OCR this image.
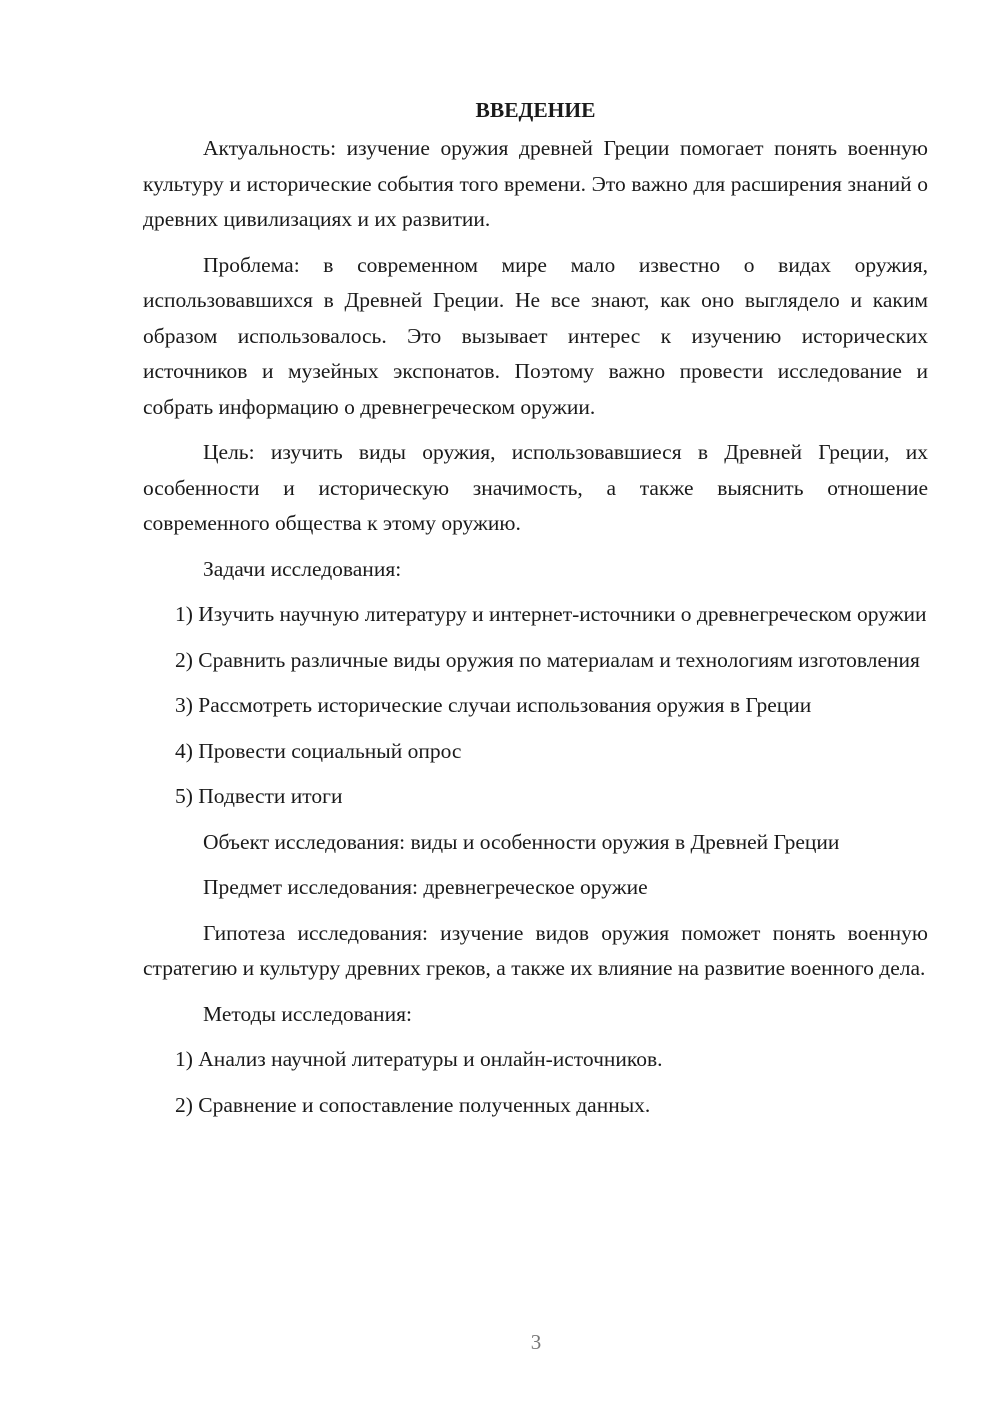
ВВЕДЕНИЕ

Актуальность: изучение оружия древней Греции помогает понять военную культуру и исторические события того времени. Это важно для расширения знаний о древних цивилизациях и их развитии.

Проблема: в современном мире мало известно о видах оружия, использовавшихся в Древней Греции. Не все знают, как оно выглядело и каким образом использовалось. Это вызывает интерес к изучению исторических источников и музейных экспонатов. Поэтому важно провести исследование и собрать информацию о древнегреческом оружии.

Цель: изучить виды оружия, использовавшиеся в Древней Греции, их особенности и историческую значимость, а также выяснить отношение современного общества к этому оружию.

Задачи исследования:

1) Изучить научную литературу и интернет-источники о древнегреческом оружии

2) Сравнить различные виды оружия по материалам и технологиям изготовления

3) Рассмотреть исторические случаи использования оружия в Греции

4) Провести социальный опрос

5) Подвести итоги

Объект исследования: виды и особенности оружия в Древней Греции

Предмет исследования: древнегреческое оружие

Гипотеза исследования: изучение видов оружия поможет понять военную стратегию и культуру древних греков, а также их влияние на развитие военного дела.

Методы исследования:

1) Анализ научной литературы и онлайн-источников.

2) Сравнение и сопоставление полученных данных.

3
